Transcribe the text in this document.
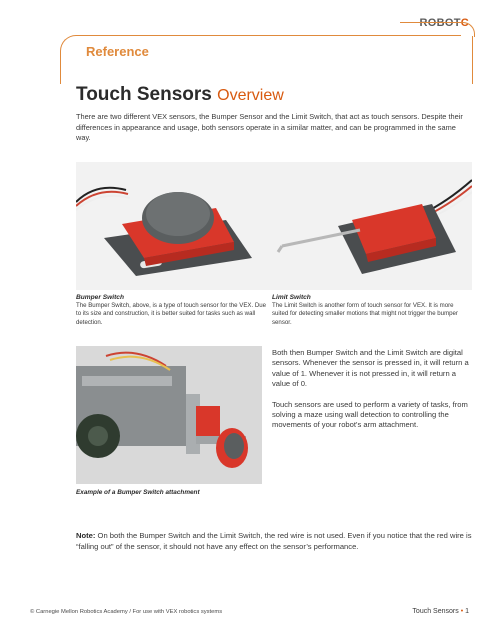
ROBOTC
Reference
Touch Sensors Overview
There are two different VEX sensors, the Bumper Sensor and the Limit Switch, that act as touch sensors. Despite their differences in appearance and usage, both sensors operate in a similar matter, and can be programmed in the same way.
Bumper Switch
The Bumper Switch, above, is a type of touch sensor for the VEX. Due to its size and construction, it is better suited for tasks such as wall detection.
Limit Switch
The Limit Switch is another form of touch sensor for VEX. It is more suited for detecting smaller motions that might not trigger the bumper sensor.
Example of a Bumper Switch attachment

Both then Bumper Switch and the Limit Switch are digital sensors. Whenever the sensor is pressed in, it will return a value of 1. Whenever it is not pressed in, it will return a value of 0.

Touch sensors are used to perform a variety of tasks, from solving a maze using wall detection to controlling the movements of your robot's arm attachment.

Note: On both the Bumper Switch and the Limit Switch, the red wire is not used. Even if you notice that the red wire is “falling out” of the sensor, it should not have any effect on the sensor’s performance.
© Carnegie Mellon Robotics Academy / For use with VEX robotics systems	Touch Sensors • 1
